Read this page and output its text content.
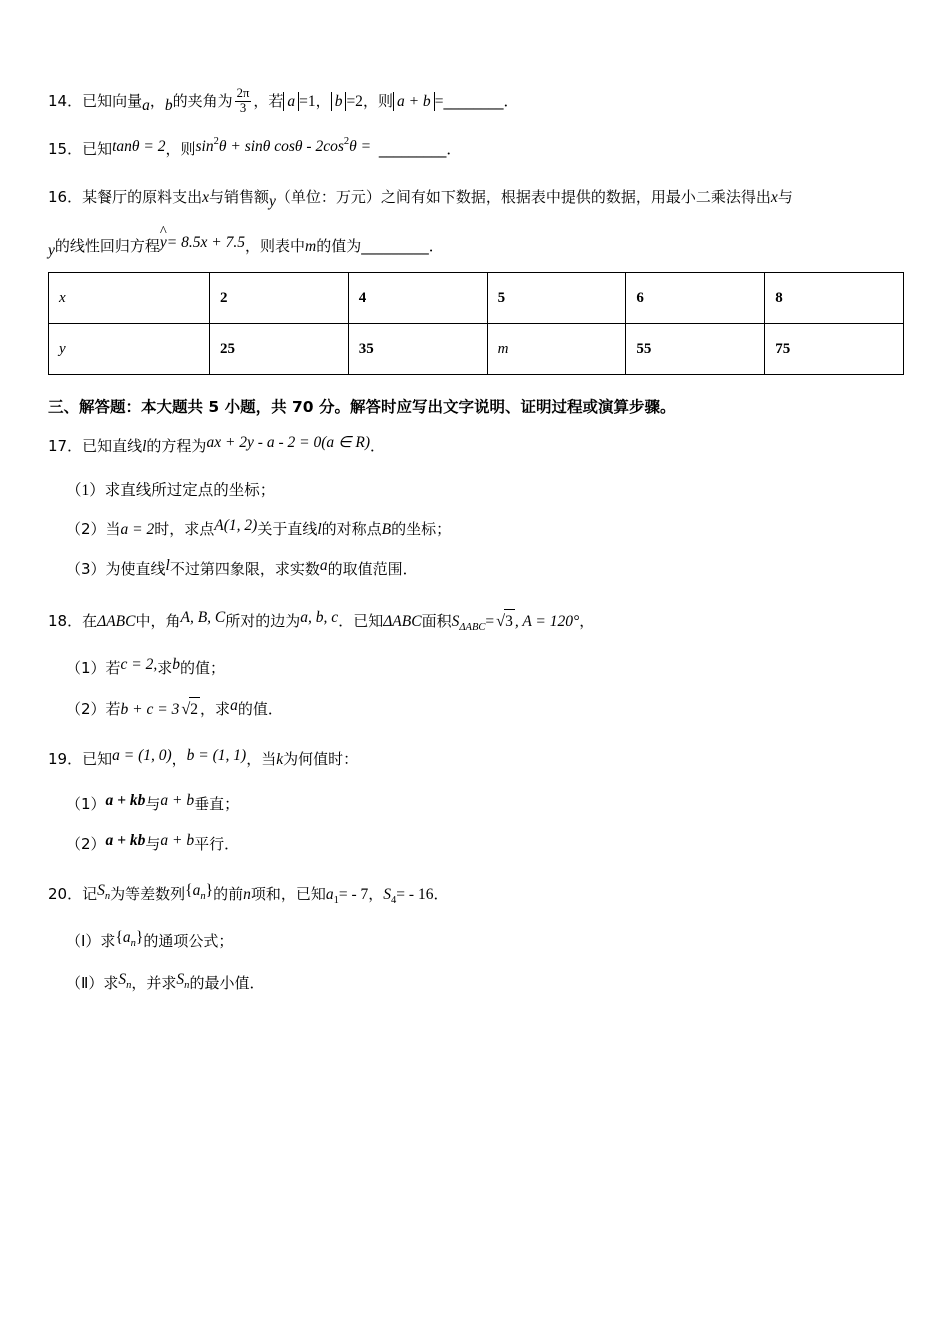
14．已知向量a，b的夹角为 $\frac{2\pi}{3}$ ，若 a =1， b =2，则 a + b =________．
15．已知tanθ = 2，则sin2θ + sinθ cosθ - 2cos2θ = _________．
16．某餐厅的原料支出x与销售额y（单位：万元）之间有如下数据，根据表中提供的数据，用最小二乘法得出x与
y的线性回归方程^ y= 8.5x + 7.5，则表中m的值为_________．
x	2	4	5	6	8
y	25	35	m	55	75
三、解答题：本大题共 5 小题，共 70 分。解答时应写出文字说明、证明过程或演算步骤。
17．已知直线l的方程为ax + 2y - a - 2 = 0(a ∈ R)．
（1）求直线所过定点的坐标；
（2）当a = 2时，求点A(1, 2)关于直线l的对称点B的坐标；
（3）为使直线l不过第四象限，求实数a的取值范围．
18．在ΔABC中，角A, B, C所对的边为a, b, c．已知ΔABC面积$S_{\Delta ABC}= √3$ , A = 120°，
（1）若c = 2,求b的值；
（2）若b + c = 3 √2 ，求a的值．
19．已知a = (1, 0)，b = (1, 1)，当k为何值时：
（1）a + kb与a + b垂直；
（2）a + kb与a + b平行．
20．记Sn为等差数列{an}的前n项和，已知$a_1= - 7$，$S_4= - 16$．
（Ⅰ）求{an}的通项公式；
（Ⅱ）求Sn，并求Sn的最小值．
